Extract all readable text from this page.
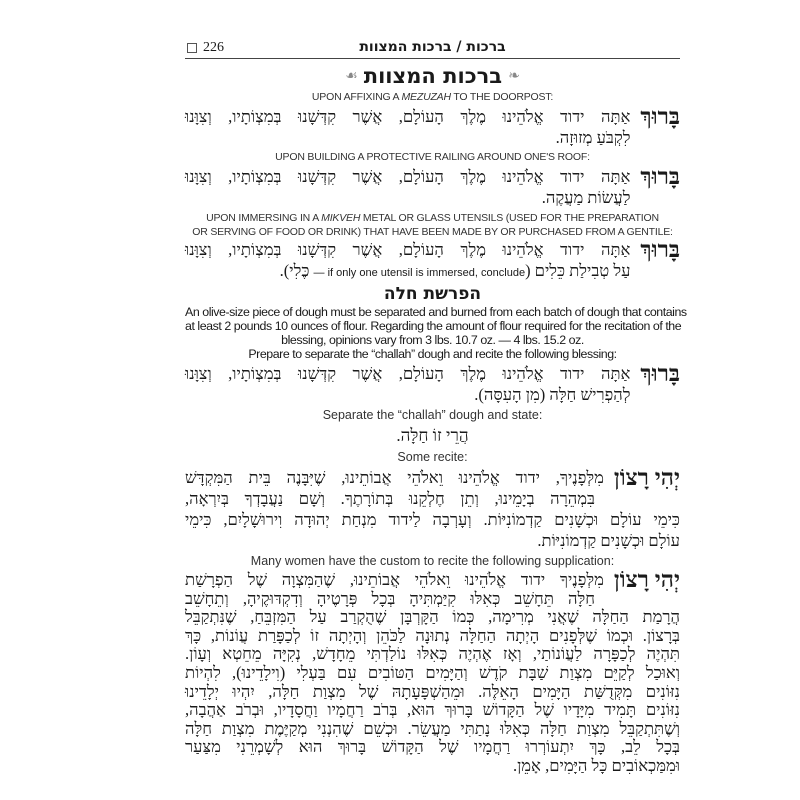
226	ברכות / ברכות המצוות
❧ברכות המצוות☙
UPON AFFIXING A MEZUZAH TO THE DOORPOST:
בָּרוּךְ
אַתָּה ידוד אֱלֹהֵינוּ מֶלֶךְ הָעוֹלָם, אֲשֶׁר קִדְּשָׁנוּ בְּמִצְוֹתָיו, וְצִוָּנוּ
לִקְבֹּעַ מְזוּזָה.
UPON BUILDING A PROTECTIVE RAILING AROUND ONE'S ROOF:
בָּרוּךְ
אַתָּה ידוד אֱלֹהֵינוּ מֶלֶךְ הָעוֹלָם, אֲשֶׁר קִדְּשָׁנוּ בְּמִצְוֹתָיו, וְצִוָּנוּ
לַעֲשׂוֹת מַעֲקֶה.
UPON IMMERSING IN A MIKVEH METAL OR GLASS UTENSILS (USED FOR THE PREPARATION
OR SERVING OF FOOD OR DRINK) THAT HAVE BEEN MADE BY OR PURCHASED FROM A GENTILE:
בָּרוּךְ
אַתָּה ידוד אֱלֹהֵינוּ מֶלֶךְ הָעוֹלָם, אֲשֶׁר קִדְּשָׁנוּ בְּמִצְוֹתָיו, וְצִוָּנוּ
עַל טְבִילַת כֵּלִים (— if only one utensil is immersed, conclude כֶּלִי).
הפרשת חלה
An olive-size piece of dough must be separated and burned from each batch of dough that contains
at least 2 pounds 10 ounces of flour. Regarding the amount of flour required for the recitation of the
blessing, opinions vary from 3 lbs. 10.7 oz. — 4 lbs. 15.2 oz.
Prepare to separate the “challah” dough and recite the following blessing:
בָּרוּךְ
אַתָּה ידוד אֱלֹהֵינוּ מֶלֶךְ הָעוֹלָם, אֲשֶׁר קִדְּשָׁנוּ בְּמִצְוֹתָיו, וְצִוָּנוּ
לְהַפְרִישׁ חַלָּה (מִן הָעִסָּה).
Separate the “challah” dough and state:
הֲרֵי זוֹ חַלָּה.
Some recite:
יְהִי רָצוֹן
מִלְּפָנֶיךָ, ידוד אֱלֹהֵינוּ וֵאלֹהֵי אֲבוֹתֵינוּ, שֶׁיִּבָּנֶה בֵּית הַמִּקְדָּשׁ
בִּמְהֵרָה בְיָמֵינוּ, וְתֵן חֶלְקֵנוּ בְּתוֹרָתֶךָ. וְשָׁם נַעֲבָדְךָ בְּיִרְאָה,
כִּימֵי עוֹלָם וּכְשָׁנִים קַדְמוֹנִיּוֹת. וְעָרְבָה לַידוד מִנְחַת יְהוּדָה וִירוּשָׁלָיִם, כִּימֵי
עוֹלָם וּכְשָׁנִים קַדְמוֹנִיּוֹת.
Many women have the custom to recite the following supplication:
יְהִי רָצוֹן
מִלְּפָנֶיךָ ידוד אֱלֹהֵינוּ וֵאלֹהֵי אֲבוֹתֵינוּ, שֶׁהַמִּצְוָה שֶׁל הַפְרָשַׁת
חַלָּה תֵּחָשֵׁב כְּאִלּוּ קִיַּמְתִּיהָ בְּכָל פְּרָטֶיהָ וְדִקְדּוּקֶיהָ, וְתֵחָשֵׁב
הֲרָמַת הַחַלָּה שֶׁאֲנִי מְרִימָה, כְּמוֹ הַקָּרְבָּן שֶׁהֻקְרַב עַל הַמִּזְבֵּחַ, שֶׁנִּתְקַבֵּל
בְּרָצוֹן. וּכְמוֹ שֶׁלְּפָנִים הָיְתָה הַחַלָּה נְתוּנָה לַכֹּהֵן וְהָיְתָה זוֹ לְכַפָּרַת עֲוֹנוֹת, כָּךְ
תִּהְיֶה לְכַפָּרָה לַעֲוֹנוֹתַי, וְאָז אֶהְיֶה כְּאִלּוּ נוֹלַדְתִּי מֵחָדָשׁ, נְקִיָּה מֵחֵטְא וְעָוֹן.
וְאוּכַל לְקַיֵּם מִצְוַת שַׁבָּת קֹדֶשׁ וְהַיָּמִים הַטּוֹבִים עִם בַּעְלִי (וִילָדֵינוּ), לִהְיוֹת
נִזּוֹנִים מִקְּדֻשַּׁת הַיָּמִים הָאֵלֶּה. וּמֵהַשְׁפָּעָתָהּ שֶׁל מִצְוַת חַלָּה, יִהְיוּ יְלָדֵינוּ
נִזּוֹנִים תָּמִיד מִיָּדָיו שֶׁל הַקָּדוֹשׁ בָּרוּךְ הוּא, בְּרֹב רַחֲמָיו וַחֲסָדָיו, וּבְרֹב אַהֲבָה,
וְשֶׁתִּתְקַבֵּל מִצְוַת חַלָּה כְּאִלּוּ נָתַתִּי מַעֲשֵׂר. וּכְשֵׁם שֶׁהִנְנִי מְקַיֶּמֶת מִצְוַת חַלָּה
בְּכָל לֵב, כָּךְ יִתְעוֹרְרוּ רַחֲמָיו שֶׁל הַקָּדוֹשׁ בָּרוּךְ הוּא לְשָׁמְרֵנִי מִצַּעַר
וּמִמַּכְאוֹבִים כָּל הַיָּמִים, אָמֵן.
